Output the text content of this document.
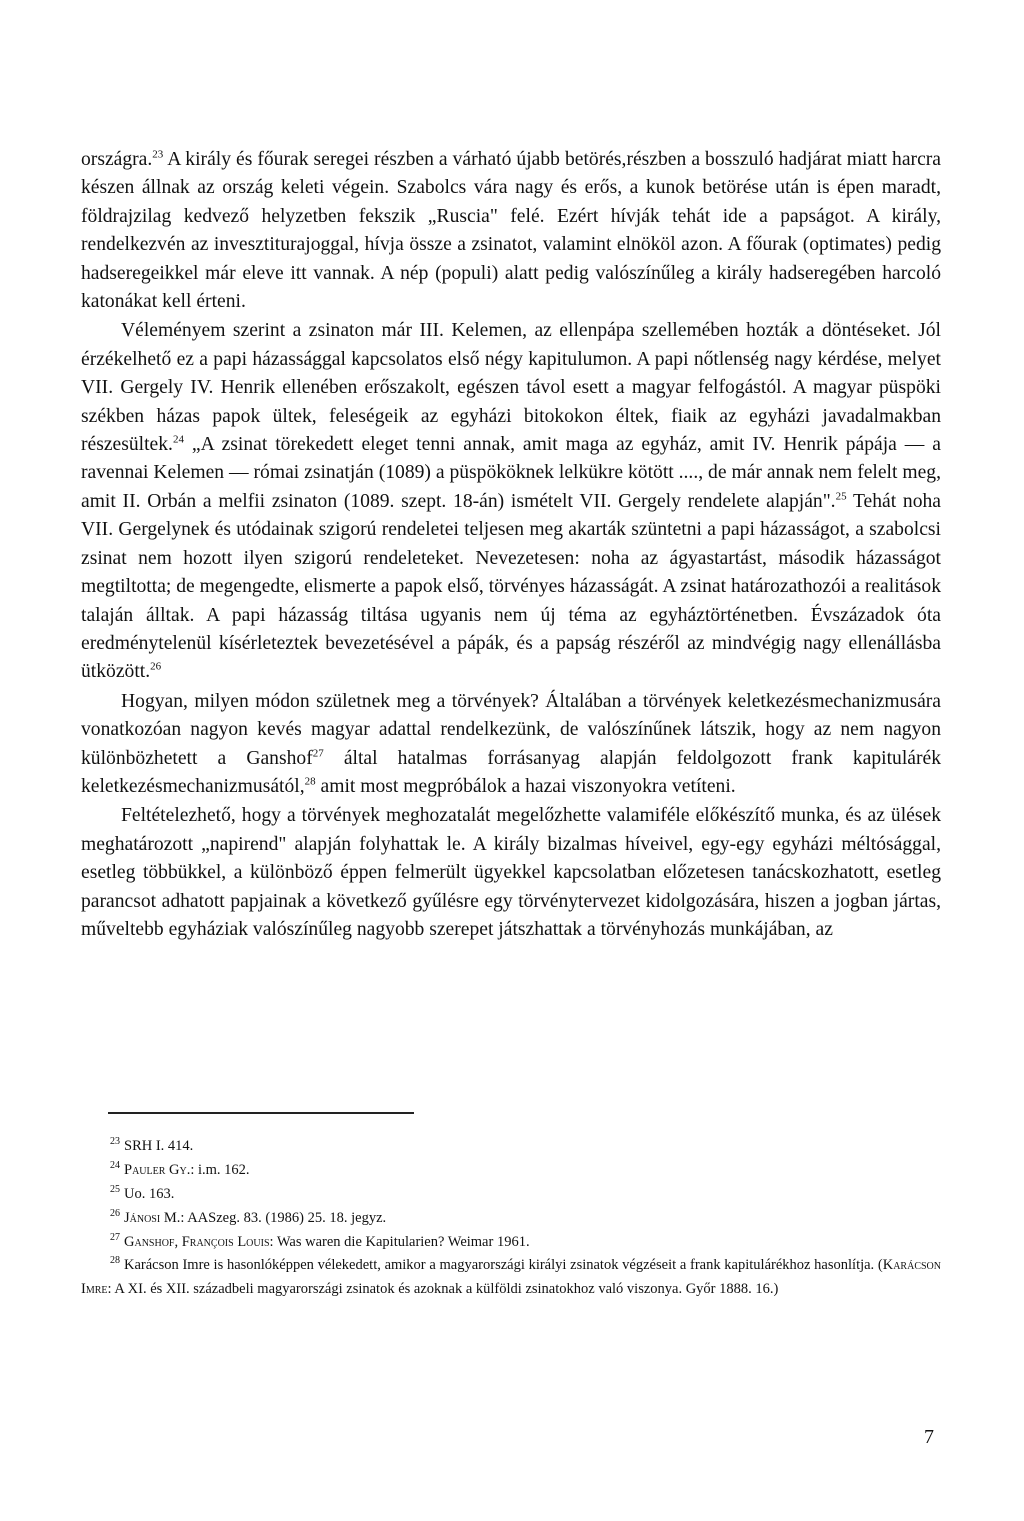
országra.$^{23}$ A király és főurak seregei részben a várható újabb betörés,részben a bosszuló hadjárat miatt harcra készen állnak az ország keleti végein. Szabolcs vára nagy és erős, a kunok betörése után is épen maradt, földrajzilag kedvező helyzetben fekszik „Ruscia" felé. Ezért hívják tehát ide a papságot. A király, rendelkezvén az invesztiturajoggal, hívja össze a zsinatot, valamint elnököl azon. A főurak (optimates) pedig hadseregeikkel már eleve itt vannak. A nép (populi) alatt pedig valószínűleg a király hadseregében harcoló katonákat kell érteni.

Véleményem szerint a zsinaton már III. Kelemen, az ellenpápa szellemében hozták a döntéseket. Jól érzékelhető ez a papi házassággal kapcsolatos első négy kapitulumon. A papi nőtlenség nagy kérdése, melyet VII. Gergely IV. Henrik ellenében erőszakolt, egészen távol esett a magyar felfogástól. A magyar püspöki székben házas papok ültek, feleségeik az egyházi bitokokon éltek, fiaik az egyházi javadalmakban részesültek.$^{24}$ „A zsinat törekedett eleget tenni annak, amit maga az egyház, amit IV. Henrik pápája — a ravennai Kelemen — római zsinatján (1089) a püspököknek lelkükre kötött ...., de már annak nem felelt meg, amit II. Orbán a melfii zsinaton (1089. szept. 18-án) ismételt VII. Gergely rendelete alapján".$^{25}$ Tehát noha VII. Gergelynek és utódainak szigorú rendeletei teljesen meg akarták szüntetni a papi házasságot, a szabolcsi zsinat nem hozott ilyen szigorú rendeleteket. Nevezetesen: noha az ágyastartást, második házasságot megtiltotta; de megengedte, elismerte a papok első, törvényes házasságát. A zsinat határozathozói a realitások talaján álltak. A papi házasság tiltása ugyanis nem új téma az egyháztörténetben. Évszázadok óta eredménytelenül kísérleteztek bevezetésével a pápák, és a papság részéről az mindvégig nagy ellenállásba ütközött.$^{26}$

Hogyan, milyen módon születnek meg a törvények? Általában a törvények keletkezésmechanizmusára vonatkozóan nagyon kevés magyar adattal rendelkezünk, de valószínűnek látszik, hogy az nem nagyon különbözhetett a Ganshof$^{27}$ által hatalmas forrásanyag alapján feldolgozott frank kapitulárék keletkezésmechanizmusától,$^{28}$ amit most megpróbálok a hazai viszonyokra vetíteni.

Feltételezhető, hogy a törvények meghozatalát megelőzhette valamiféle előkészítő munka, és az ülések meghatározott „napirend" alapján folyhattak le. A király bizalmas híveivel, egy-egy egyházi méltósággal, esetleg többükkel, a különböző éppen felmerült ügyekkel kapcsolatban előzetesen tanácskozhatott, esetleg parancsot adhatott papjainak a következő gyűlésre egy törvénytervezet kidolgozására, hiszen a jogban jártas, műveltebb egyháziak valószínűleg nagyobb szerepet játszhattak a törvényhozás munkájában, az

$^{23}$ SRH I. 414.
$^{24}$ Pauler Gy.: i.m. 162.
$^{25}$ Uo. 163.
$^{26}$ Jánosi M.: AASzeg. 83. (1986) 25. 18. jegyz.
$^{27}$ Ganshof, François Louis: Was waren die Kapitularien? Weimar 1961.
$^{28}$ Karácson Imre is hasonlóképpen vélekedett, amikor a magyarországi királyi zsinatok végzéseit a frank kapitulárékhoz hasonlítja. (Karácson Imre: A XI. és XII. századbeli magyarországi zsinatok és azoknak a külföldi zsinatokhoz való viszonya. Győr 1888. 16.)
7
